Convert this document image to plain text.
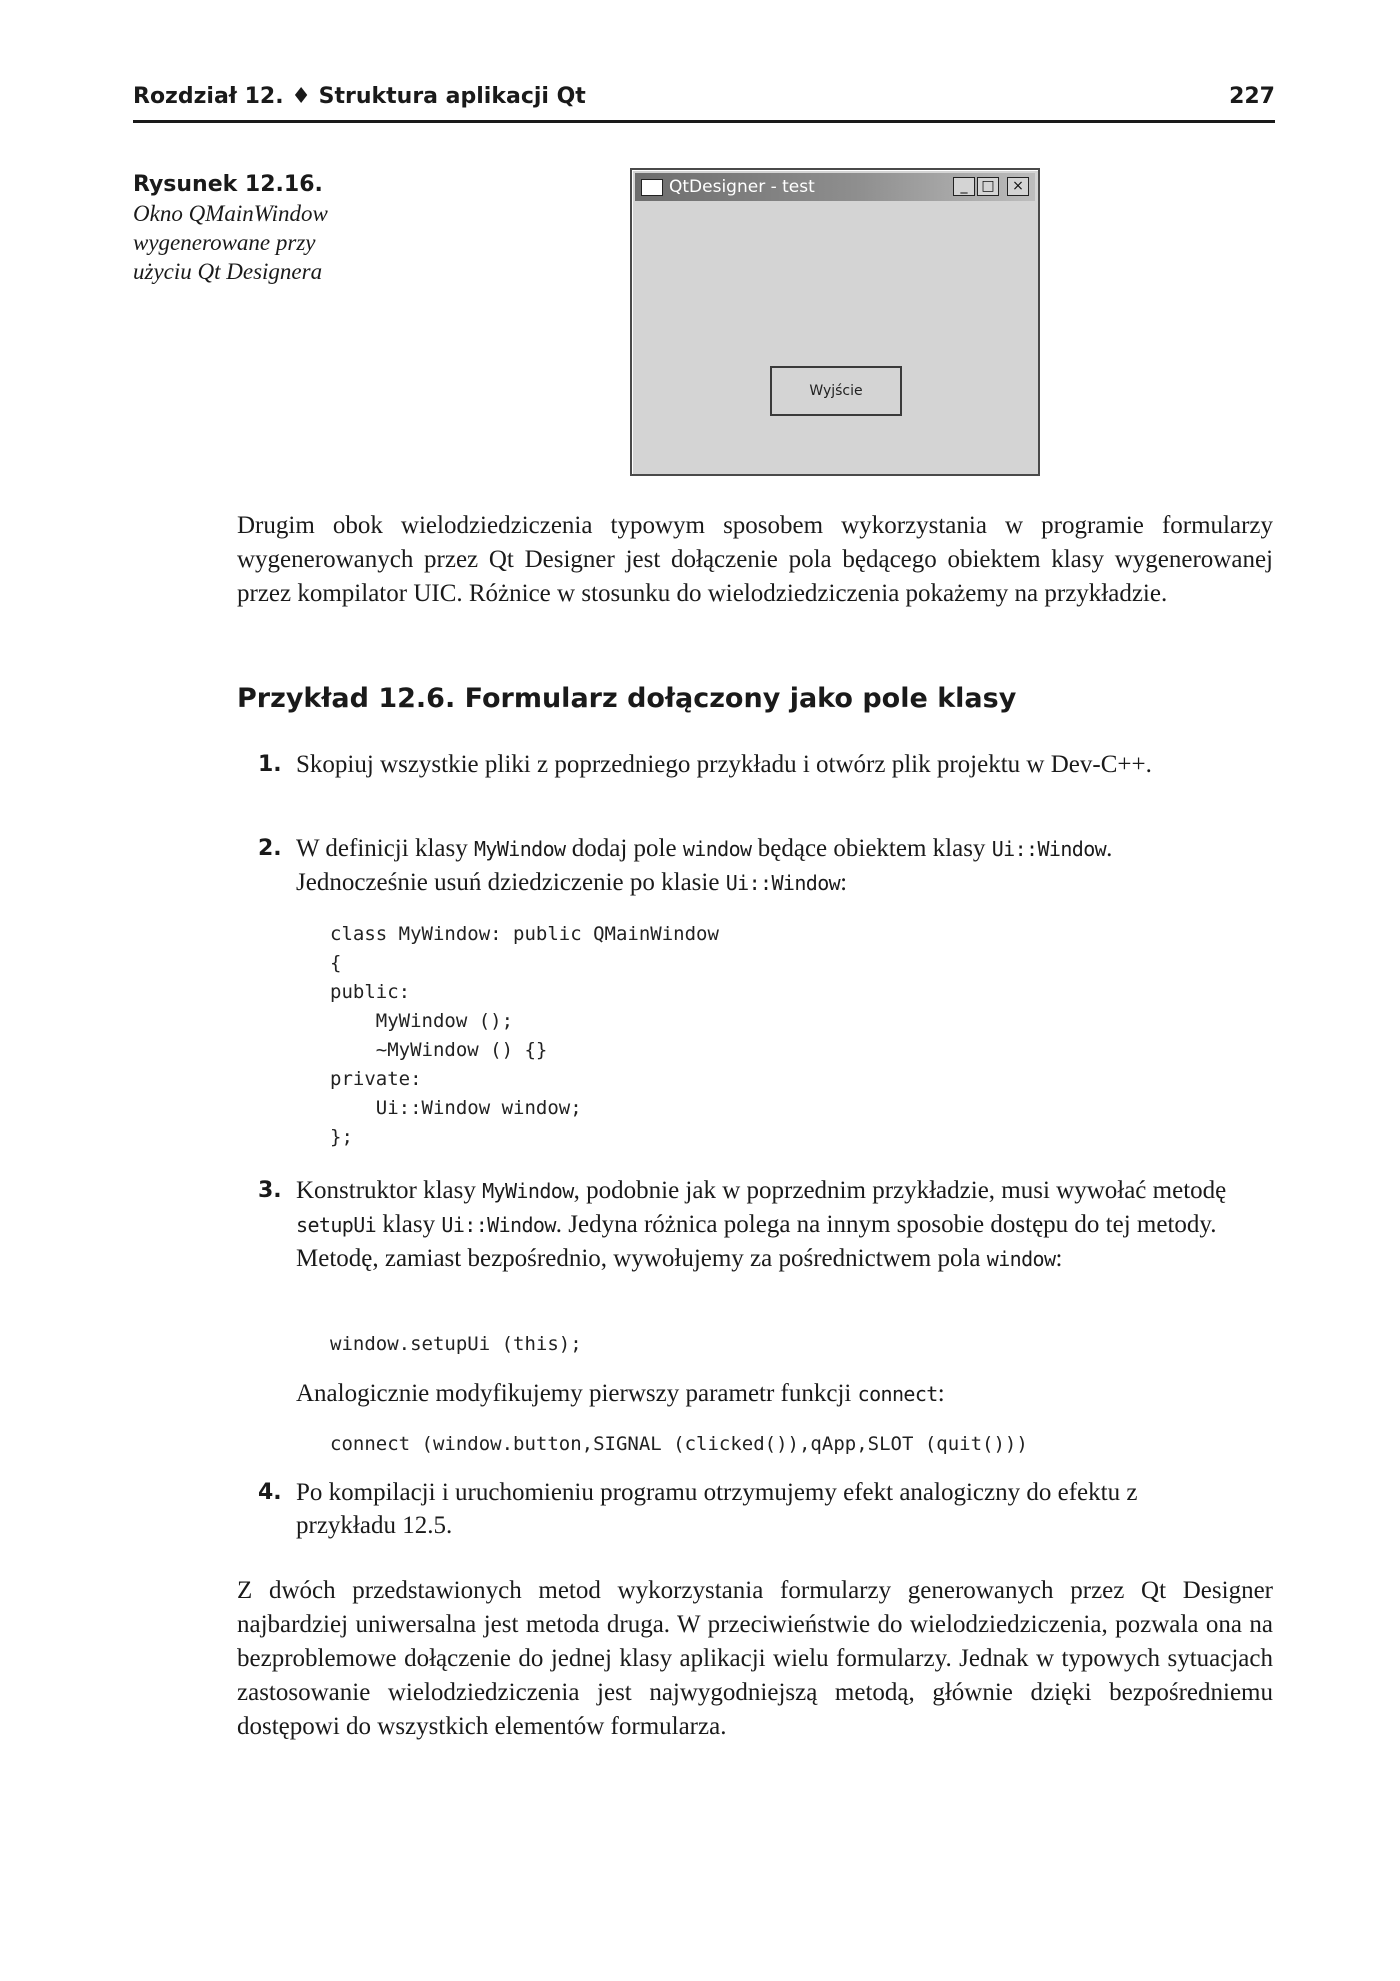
Rozdział 12. ♦ Struktura aplikacji Qt	227
Rysunek 12.16.
Okno QMainWindow
wygenerowane przy
użyciu Qt Designera
QtDesigner - test	_ □	×
Wyjście
Drugim obok wielodziedziczenia typowym sposobem wykorzystania w programie formularzy wygenerowanych przez Qt Designer jest dołączenie pola będącego obiektem klasy wygenerowanej przez kompilator UIC. Różnice w stosunku do wielodziedziczenia pokażemy na przykładzie.
Przykład 12.6. Formularz dołączony jako pole klasy
1. Skopiuj wszystkie pliki z poprzedniego przykładu i otwórz plik projektu w Dev-C++.
2. W definicji klasy MyWindow dodaj pole window będące obiektem klasy Ui::Window. Jednocześnie usuń dziedziczenie po klasie Ui::Window:
class MyWindow: public QMainWindow
{
public:
MyWindow ();
~MyWindow () {}
private:
Ui::Window window;
};
3. Konstruktor klasy MyWindow, podobnie jak w poprzednim przykładzie, musi wywołać metodę setupUi klasy Ui::Window. Jedyna różnica polega na innym sposobie dostępu do tej metody. Metodę, zamiast bezpośrednio, wywołujemy za pośrednictwem pola window:
window.setupUi (this);
Analogicznie modyfikujemy pierwszy parametr funkcji connect:
connect (window.button,SIGNAL (clicked()),qApp,SLOT (quit()))
4. Po kompilacji i uruchomieniu programu otrzymujemy efekt analogiczny do efektu z przykładu 12.5.
Z dwóch przedstawionych metod wykorzystania formularzy generowanych przez Qt Designer najbardziej uniwersalna jest metoda druga. W przeciwieństwie do wielodziedziczenia, pozwala ona na bezproblemowe dołączenie do jednej klasy aplikacji wielu formularzy. Jednak w typowych sytuacjach zastosowanie wielodziedziczenia jest najwygodniejszą metodą, głównie dzięki bezpośredniemu dostępowi do wszystkich elementów formularza.
